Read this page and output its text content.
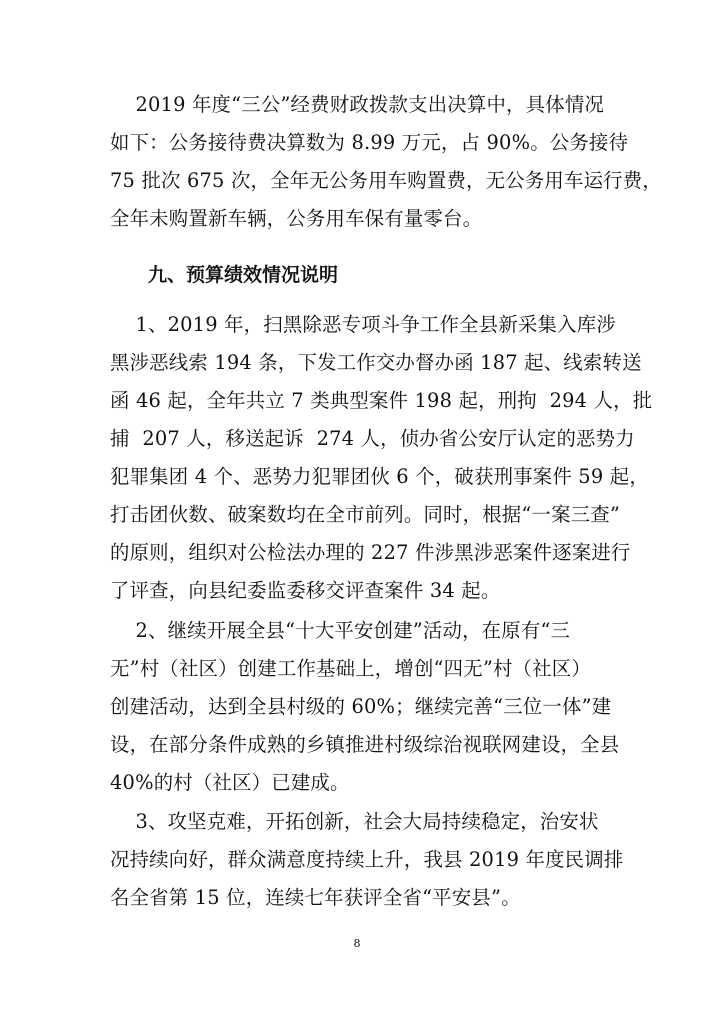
2019 年度“三公”经费财政拨款支出决算中，具体情况
如下：公务接待费决算数为 8.99 万元，占 90%。公务接待
75 批次 675 次，全年无公务用车购置费，无公务用车运行费，
全年未购置新车辆，公务用车保有量零台。
九、预算绩效情况说明
1、2019 年，扫黑除恶专项斗争工作全县新采集入库涉
黑涉恶线索 194 条，下发工作交办督办函 187 起、线索转送
函 46 起，全年共立 7 类典型案件 198 起，刑拘  294 人，批
捕  207 人，移送起诉  274 人，侦办省公安厅认定的恶势力
犯罪集团 4 个、恶势力犯罪团伙 6 个，破获刑事案件 59 起，
打击团伙数、破案数均在全市前列。同时，根据“一案三查”
的原则，组织对公检法办理的 227 件涉黑涉恶案件逐案进行
了评查，向县纪委监委移交评查案件 34 起。
2、继续开展全县“十大平安创建”活动，在原有“三
无”村（社区）创建工作基础上，增创“四无”村（社区）
创建活动，达到全县村级的 60%；继续完善“三位一体”建
设，在部分条件成熟的乡镇推进村级综治视联网建设，全县
40%的村（社区）已建成。
3、攻坚克难，开拓创新，社会大局持续稳定，治安状
况持续向好，群众满意度持续上升，我县 2019 年度民调排
名全省第 15 位，连续七年获评全省“平安县”。
8
